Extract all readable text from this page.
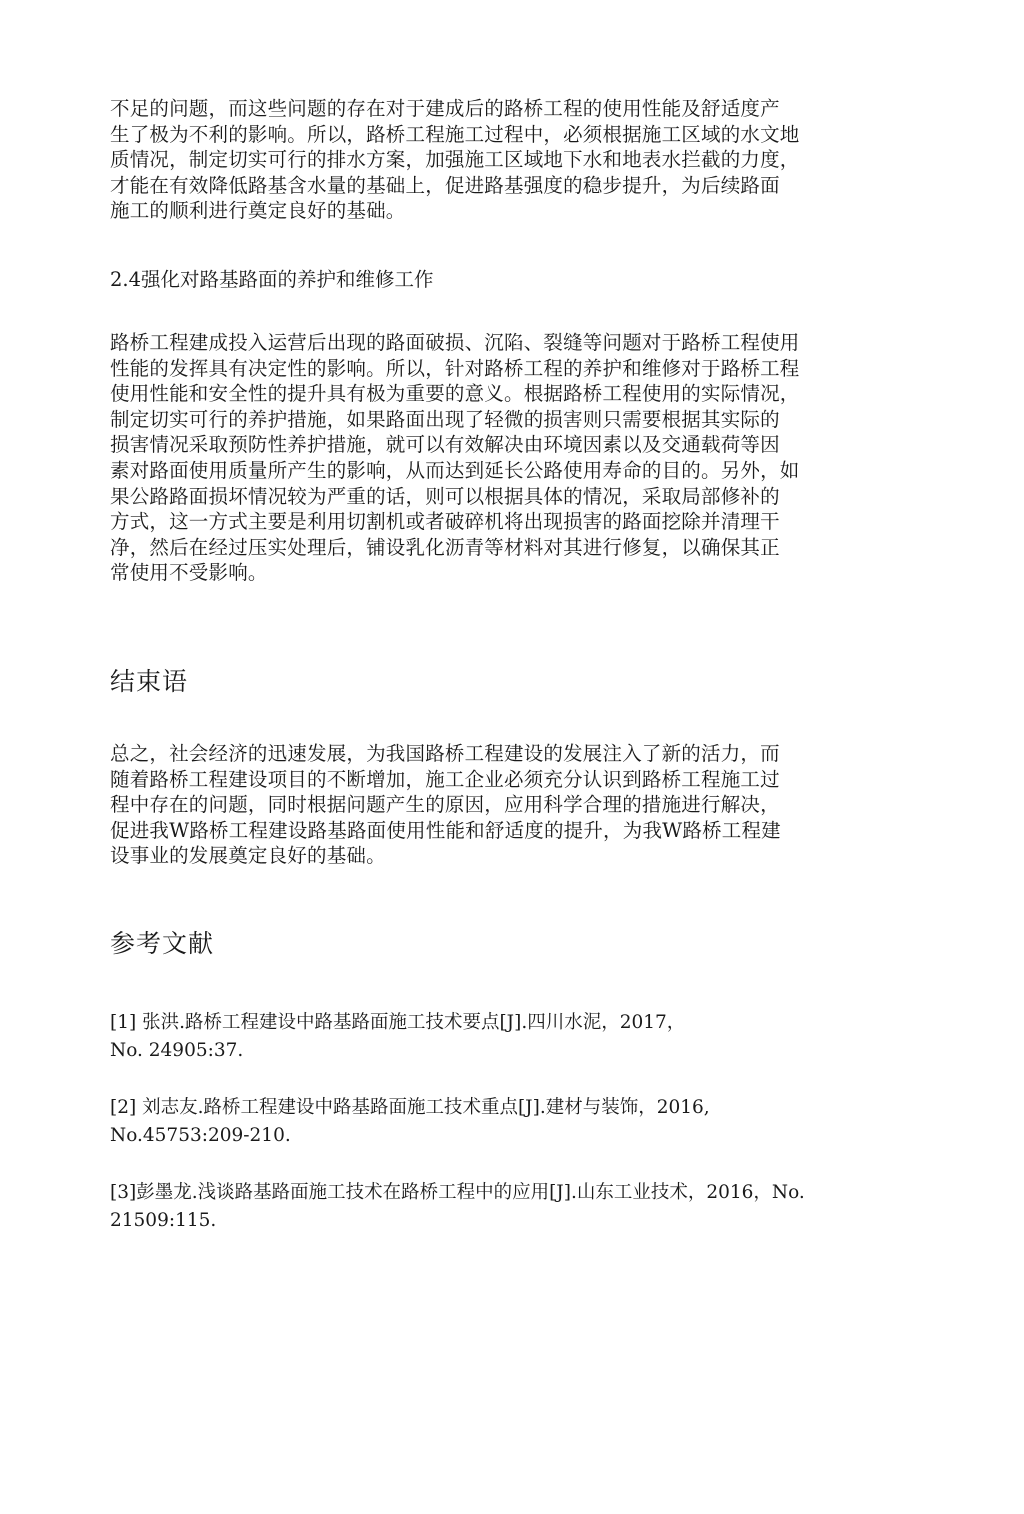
不足的问题，而这些问题的存在对于建成后的路桥工程的使用性能及舒适度产
生了极为不利的影响。所以，路桥工程施工过程中，必须根据施工区域的水文地
质情况，制定切实可行的排水方案，加强施工区域地下水和地表水拦截的力度，
才能在有效降低路基含水量的基础上，促进路基强度的稳步提升，为后续路面
施工的顺利进行奠定良好的基础。

2.4强化对路基路面的养护和维修工作

路桥工程建成投入运营后出现的路面破损、沉陷、裂缝等问题对于路桥工程使用
性能的发挥具有决定性的影响。所以，针对路桥工程的养护和维修对于路桥工程
使用性能和安全性的提升具有极为重要的意义。根据路桥工程使用的实际情况，
制定切实可行的养护措施，如果路面出现了轻微的损害则只需要根据其实际的
损害情况采取预防性养护措施，就可以有效解决由环境因素以及交通载荷等因
素对路面使用质量所产生的影响，从而达到延长公路使用寿命的目的。另外，如
果公路路面损坏情况较为严重的话，则可以根据具体的情况，采取局部修补的
方式，这一方式主要是利用切割机或者破碎机将出现损害的路面挖除并清理干
净，然后在经过压实处理后，铺设乳化沥青等材料对其进行修复，以确保其正
常使用不受影响。

结束语

总之，社会经济的迅速发展，为我国路桥工程建设的发展注入了新的活力，而
随着路桥工程建设项目的不断增加，施工企业必须充分认识到路桥工程施工过
程中存在的问题，同时根据问题产生的原因，应用科学合理的措施进行解决，
促进我W路桥工程建设路基路面使用性能和舒适度的提升，为我W路桥工程建
设事业的发展奠定良好的基础。

参考文献

[1] 张洪.路桥工程建设中路基路面施工技术要点[J].四川水泥，2017，
No. 24905:37.

[2] 刘志友.路桥工程建设中路基路面施工技术重点[J].建材与装饰，2016,
No.45753:209-210.

[3]彭墨龙.浅谈路基路面施工技术在路桥工程中的应用[J].山东工业技术，2016，No.
21509:115.
